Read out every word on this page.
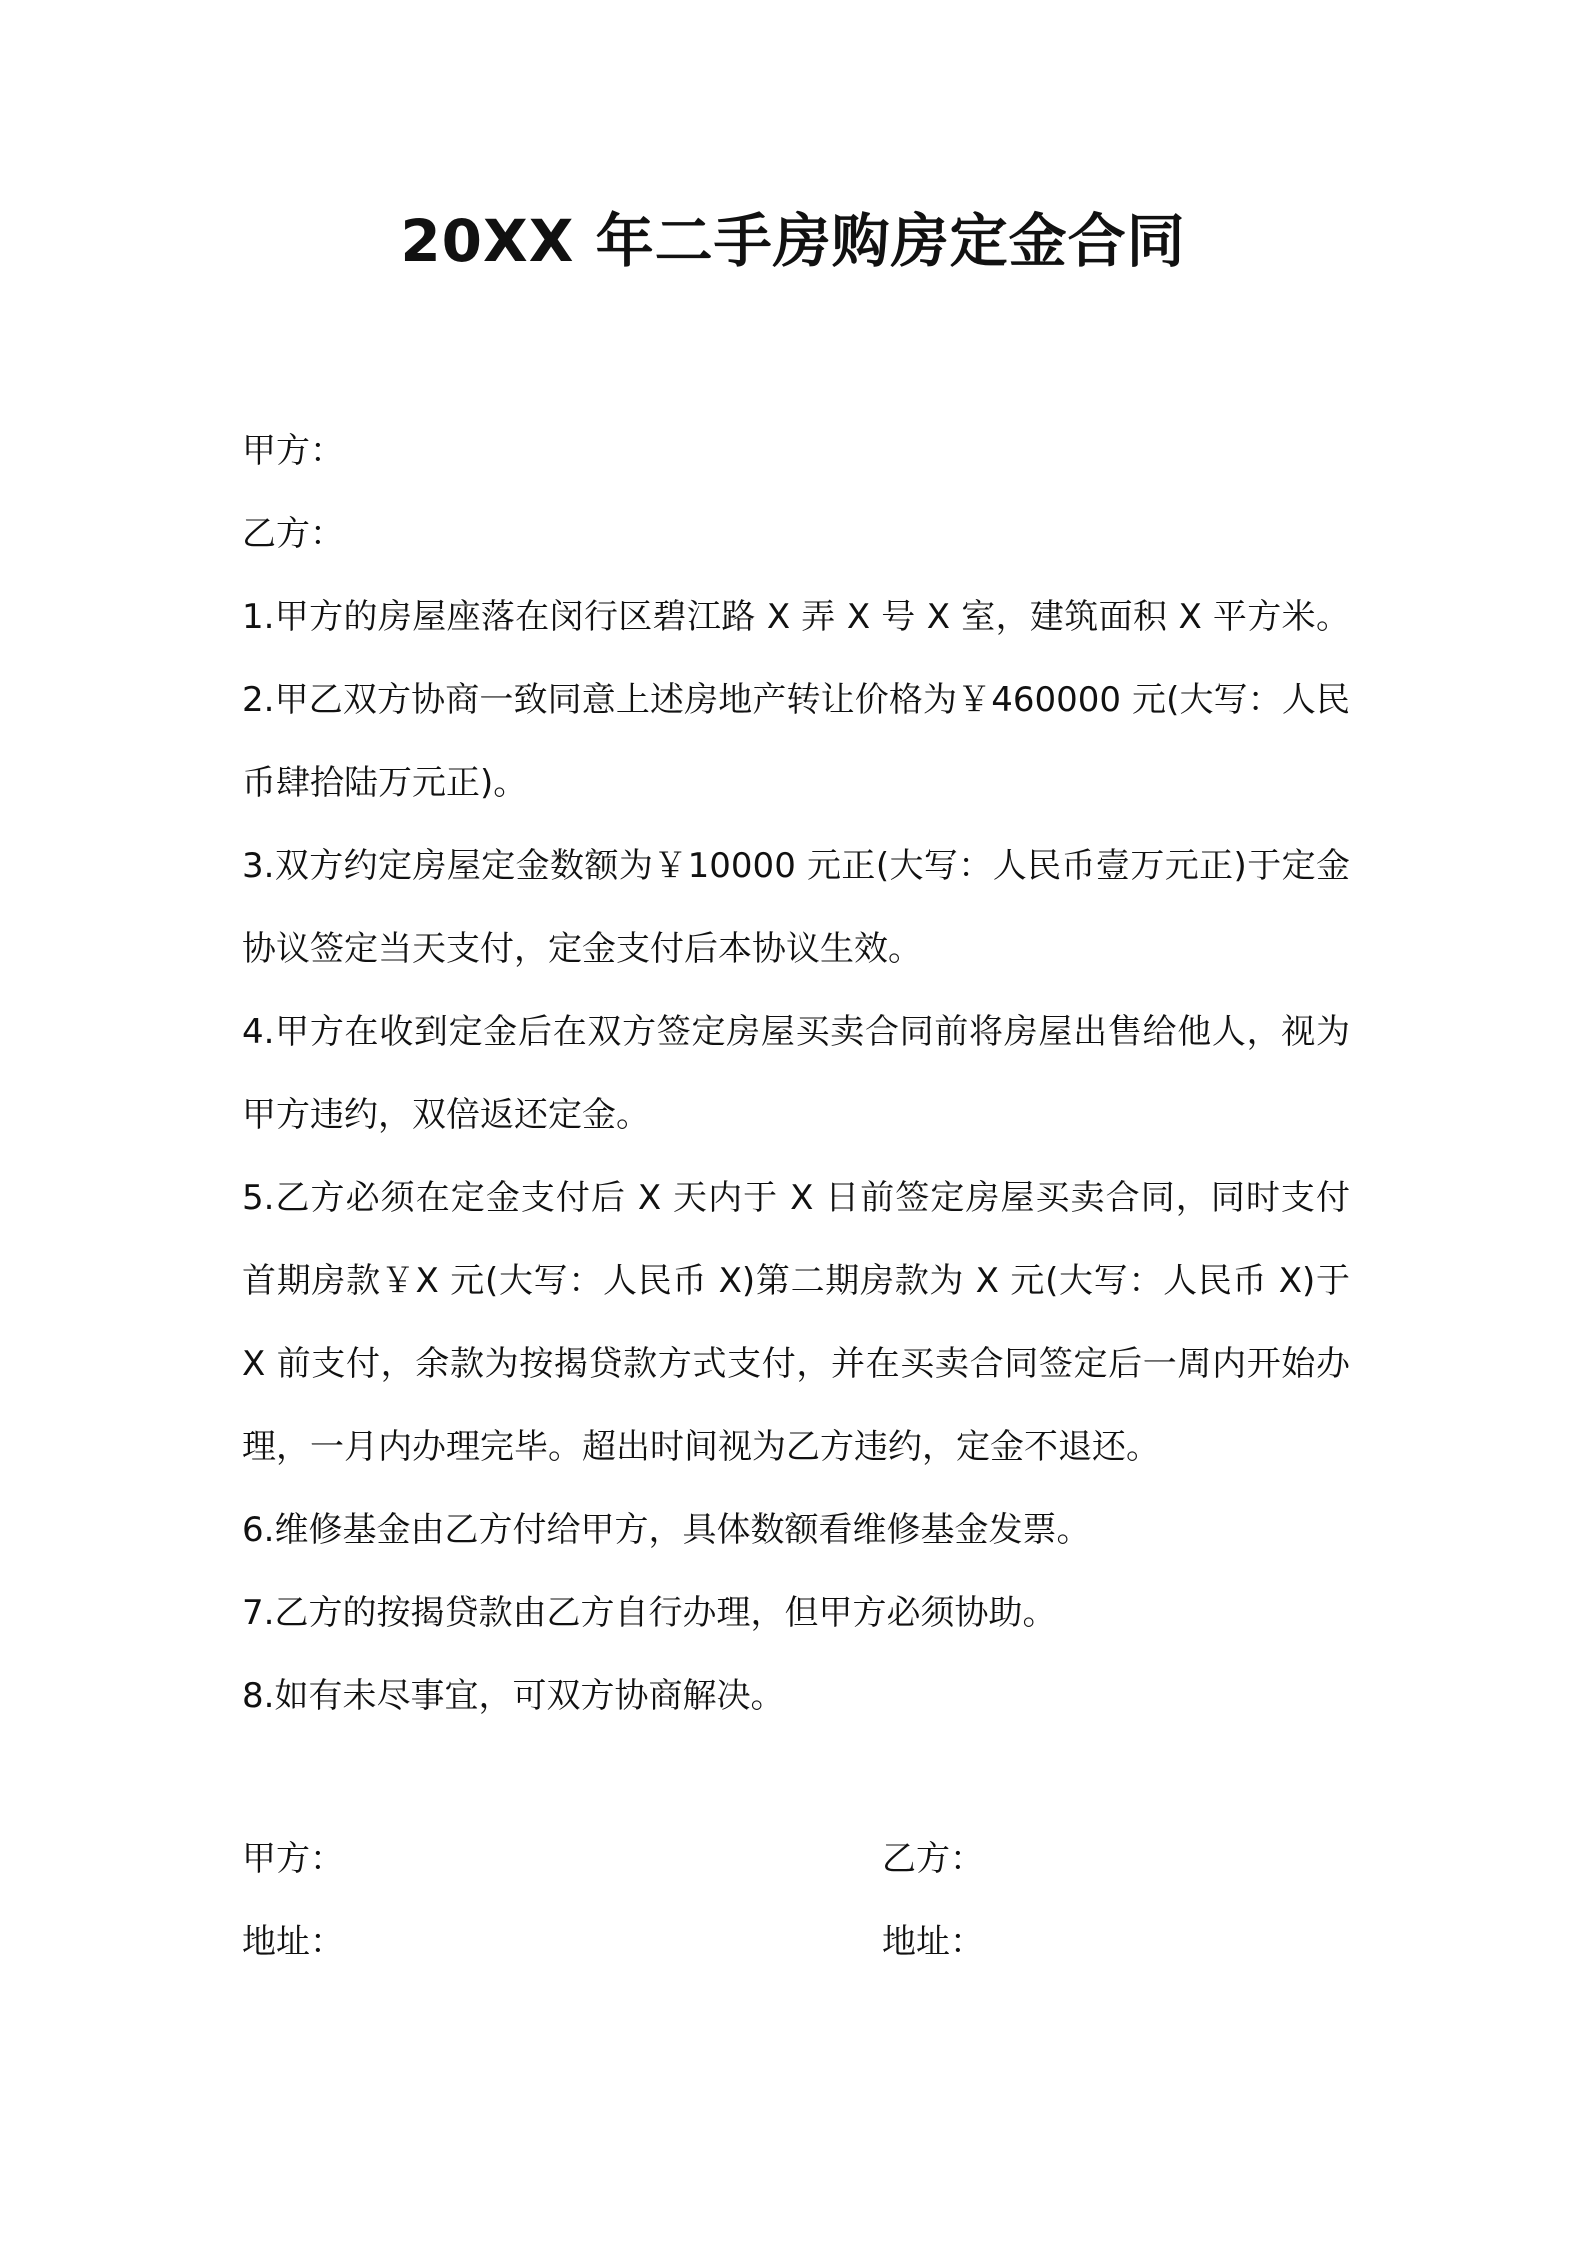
20XX 年二手房购房定金合同

甲方：

乙方：

1.甲方的房屋座落在闵行区碧江路 X 弄 X 号 X 室，建筑面积 X 平方米。2.甲乙双方协商一致同意上述房地产转让价格为￥460000 元(大写：人民币肆拾陆万元正)。

3.双方约定房屋定金数额为￥10000 元正(大写：人民币壹万元正)于定金协议签定当天支付，定金支付后本协议生效。

4.甲方在收到定金后在双方签定房屋买卖合同前将房屋出售给他人，视为甲方违约，双倍返还定金。

5.乙方必须在定金支付后 X 天内于 X 日前签定房屋买卖合同，同时支付首期房款￥X 元(大写：人民币 X)第二期房款为 X 元(大写：人民币 X)于 X 前支付，余款为按揭贷款方式支付，并在买卖合同签定后一周内开始办理，一月内办理完毕。超出时间视为乙方违约，定金不退还。

6.维修基金由乙方付给甲方，具体数额看维修基金发票。

7.乙方的按揭贷款由乙方自行办理，但甲方必须协助。

8.如有未尽事宜，可双方协商解决。

甲方：	乙方：
地址：	地址：
